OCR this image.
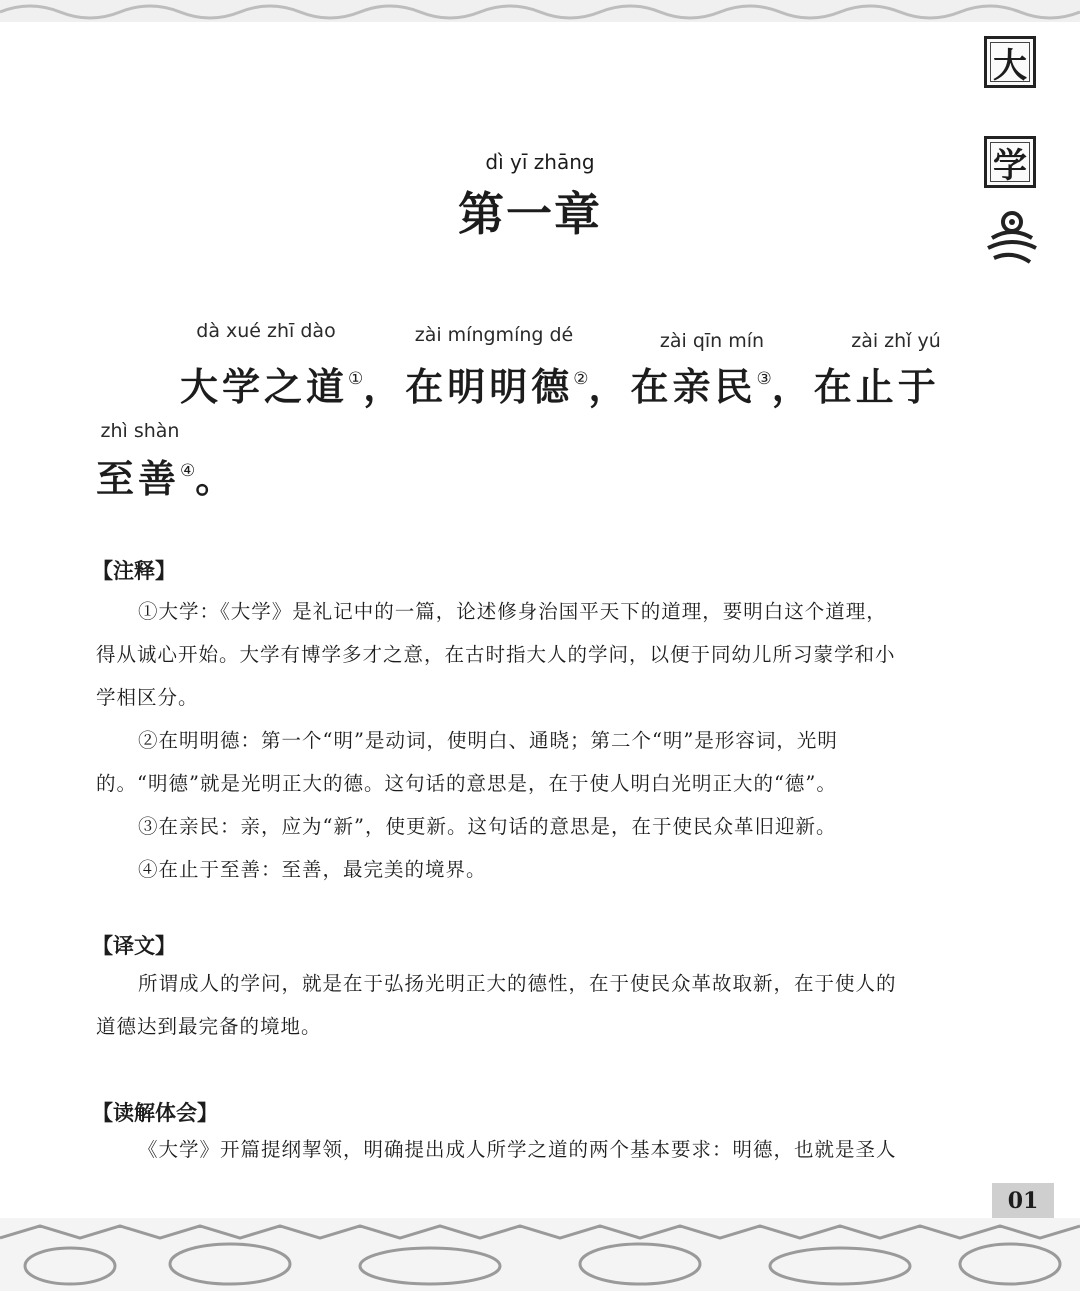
大
学
dì yī zhāng
第一章
dà xué zhī dào	zài míngmíng dé	zài qīn mín	zài zhǐ yú
大学之道①，在明明德②，在亲民③，在止于
zhì shàn
至善④。
【注释】
①大学：《大学》是礼记中的一篇，论述修身治国平天下的道理，要明白这个道理，
得从诚心开始。大学有博学多才之意，在古时指大人的学问，以便于同幼儿所习蒙学和小
学相区分。
②在明明德：第一个“明”是动词，使明白、通晓；第二个“明”是形容词，光明
的。“明德”就是光明正大的德。这句话的意思是，在于使人明白光明正大的“德”。
③在亲民：亲，应为“新”，使更新。这句话的意思是，在于使民众革旧迎新。
④在止于至善：至善，最完美的境界。
【译文】
所谓成人的学问，就是在于弘扬光明正大的德性，在于使民众革故取新，在于使人的
道德达到最完备的境地。
【读解体会】
《大学》开篇提纲挈领，明确提出成人所学之道的两个基本要求：明德，也就是圣人
01
